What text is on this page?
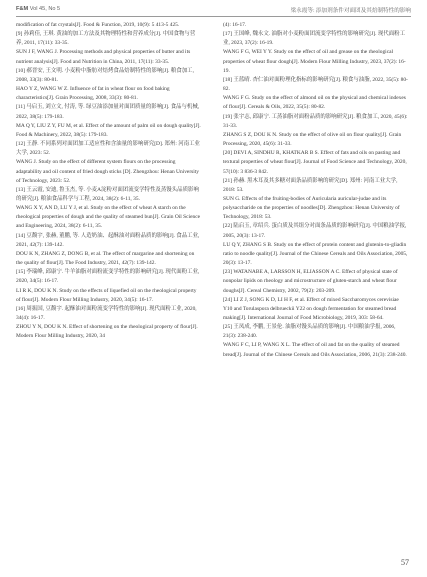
F&M Vol 45, No 5	梁永霞等: 添加剂条件对面团及其焙制特性的影响

modification of fat crystals[J]. Food & Function, 2019, 10(9): 5 413-5 425.

[9] 孙莉佳, 王琪. 黄油的加工方法及其物理特性和营养成分[J]. 中国食物与营养, 2011, 17(11): 33-35.

SUN J F, WANG J. Processing methods and physical properties of butter and its nutrient analysis[J]. Food and Nutrition in China, 2011, 17(11): 33-35.

[10] 郝晋安, 王文明. 小麦粉中脂肪对焙烤食品焙制特性的影响[J]. 粮食加工, 2008, 33(3): 80-81.

HAO Y Z, WANG W Z. Influence of fat in wheat flour on food baking characteristics[J]. Grain Processing, 2008, 33(3): 80-81.

[11] 马启玉, 刘立文, 付涛, 等. 绿豆油添加量对面团质量的影响[J]. 食品与机械, 2022, 38(5): 179-183.

MA Q Y, LIU Z Y, FU M, et al. Effect of the amount of palm oil on dough quality[J]. Food & Machinery, 2022, 38(5): 179-183.

[12] 王静. 不同系列对面团加工适应性和含油量的影响研究[D]. 郑州: 河南工业大学, 2023: 52.

WANG J. Study on the effect of different system flours on the processing adaptability and oil content of fried dough sticks [D]. Zhengzhou: Henan University of Technology, 2023: 52.

[13] 王云霞, 安迪, 鲁玉杰, 等. 小麦A淀粉对面团流变学特性及蒸馒头品质影响的研究[J]. 粮油食品科学与工程, 2024, 38(2): 6-11, 35.

WANG X Y, AN D, LU Y J, et al. Study on the effect of wheat A starch on the rheological properties of dough and the quality of steamed bun[J]. Grain Oil Science and Engineering, 2024, 38(2): 6-11, 35.

[14] 豆馥宇, 张赫, 董鹏, 等. 人造奶油、起酥油对面粉品质的影响[J]. 食品工业, 2021, 42(7): 139-142.

DOU K N, ZHANG Z, DONG B, et al. The effect of margarine and shortening on the quality of flour[J]. The Food Industry, 2021, 42(7): 139-142.

[15] 李瑞峰, 邱康宁. 牛羊油脂对面粉流变学特性的影响研究[J]. 现代面粉工业, 2020, 34(5): 16-17.

LI R K, DOU K N. Study on the effects of liquefied oil on the rheological property of flour[J]. Modern Flour Milling Industry, 2020, 34(5): 16-17.

[16] 周振国, 豆馥宇. 起酥油对面粉流变学特性的影响[J]. 现代面粉工业, 2020, 34(4): 16-17.

ZHOU Y N, DOU K N. Effect of shortening on the rheological property of flour[J]. Modern Flour Milling Industry, 2020, 34

(4): 16-17.

[17] 王国峰, 魏永文. 油脂对小麦粉面团流变学特性的影响研究[J]. 现代面粉工业, 2023, 37(2): 16-19.

WANG F G, WEI Y Y. Study on the effect of oil and grease on the rheological properties of wheat flour dough[J]. Modern Flour Milling Industry, 2023, 37(2): 16-19.

[18] 王蓝晴. 杏仁油对面粉理化指标的影响研究[J]. 粮食与油脂, 2022, 35(5): 80-82.

WANG F G. Study on the effect of almond oil on the physical and chemical indexes of flour[J]. Cereals & Oils, 2022, 35(5): 80-82.

[19] 张宇志, 邱康宁. 工蒸油脂对面粉品质的影响研究[J]. 粮食加工, 2020, 45(6): 31-33.

ZHANG S Z, DOU K N. Study on the effect of olive oil on flour quality[J]. Grain Processing, 2020, 45(6): 31-33.

[20] DEVI A, SINDHU R, KHATKAR B S. Effect of fats and oils on pasting and textural properties of wheat flour[J]. Journal of Food Science and Technology, 2020, 57(10): 3 836-3 842.

[21] 孙赫. 黑木耳及其多糖对面条品质影响的研究[D]. 郑州: 河南工业大学, 2018: 53.

SUN G. Effects of the fruiting-bodies of Auricularia auricular-judae and its polysaccharide on the properties of noodles[D]. Zhengzhou: Henan University of Technology, 2018: 53.

[22] 陆启玉, 章绍兵. 蛋白质及其组分对面条品质的影响研究[J]. 中国粮油学报, 2005, 20(3): 13-17.

LU Q Y, ZHANG S B. Study on the effect of protein content and glutenin-to-gliadin ratio to noodle quality[J]. Journal of the Chinese Cereals and Oils Association, 2005, 20(3): 13-17.

[23] WATANABE A, LARSSON H, ELIASSON A C. Effect of physical state of nonpolar lipids on rheology and microstructure of gluten-starch and wheat flour doughs[J]. Cereal Chemistry, 2002, 79(2): 203-209.

[24] LI Z J, SONG K D, LI H F, et al. Effect of mixed Saccharomyces cerevisiae Y10 and Torulaspora delbrueckii Y22 on dough fermentation for steamed bread making[J]. International Journal of Food Microbiology, 2019, 303: 58-64.

[25] 王凤成, 李鹏, 王景伦. 油脂对馒头品质的影响[J]. 中国粮油学报, 2006, 21(3): 238-240.

WANG F C, LI P, WANG X L. The effect of oil and fat on the quality of steamed bread[J]. Journal of the Chinese Cereals and Oils Association, 2006, 21(3): 238-240.

57
